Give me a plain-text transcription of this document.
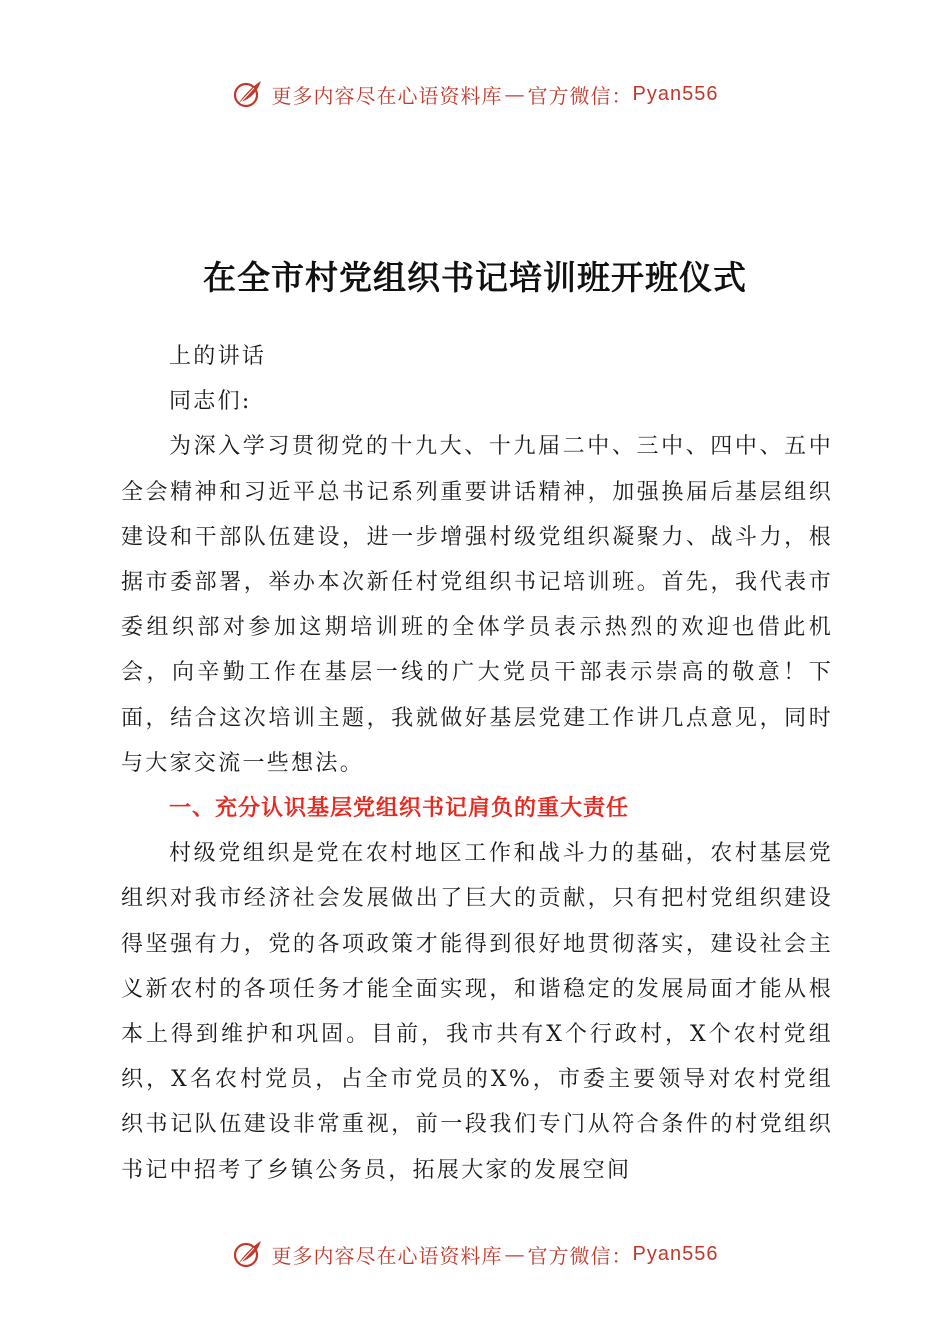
更多内容尽在心语资料库 — 官方微信： Pyan556
在全市村党组织书记培训班开班仪式

上的讲话

同志们:

为深入学习贯彻党的十九大、十九届二中、三中、四中、五中全会精神和习近平总书记系列重要讲话精神，加强换届后基层组织建设和干部队伍建设，进一步增强村级党组织凝聚力、战斗力，根据市委部署，举办本次新任村党组织书记培训班。首先，我代表市委组织部对参加这期培训班的全体学员表示热烈的欢迎也借此机会，向辛勤工作在基层一线的广大党员干部表示崇高的敬意！下面，结合这次培训主题，我就做好基层党建工作讲几点意见，同时与大家交流一些想法。

一、充分认识基层党组织书记肩负的重大责任

村级党组织是党在农村地区工作和战斗力的基础，农村基层党组织对我市经济社会发展做出了巨大的贡献，只有把村党组织建设得坚强有力，党的各项政策才能得到很好地贯彻落实，建设社会主义新农村的各项任务才能全面实现，和谐稳定的发展局面才能从根本上得到维护和巩固。目前，我市共有X个行政村，X个农村党组织，X名农村党员，占全市党员的X%，市委主要领导对农村党组织书记队伍建设非常重视，前一段我们专门从符合条件的村党组织书记中招考了乡镇公务员，拓展大家的发展空间

更多内容尽在心语资料库 — 官方微信： Pyan556
